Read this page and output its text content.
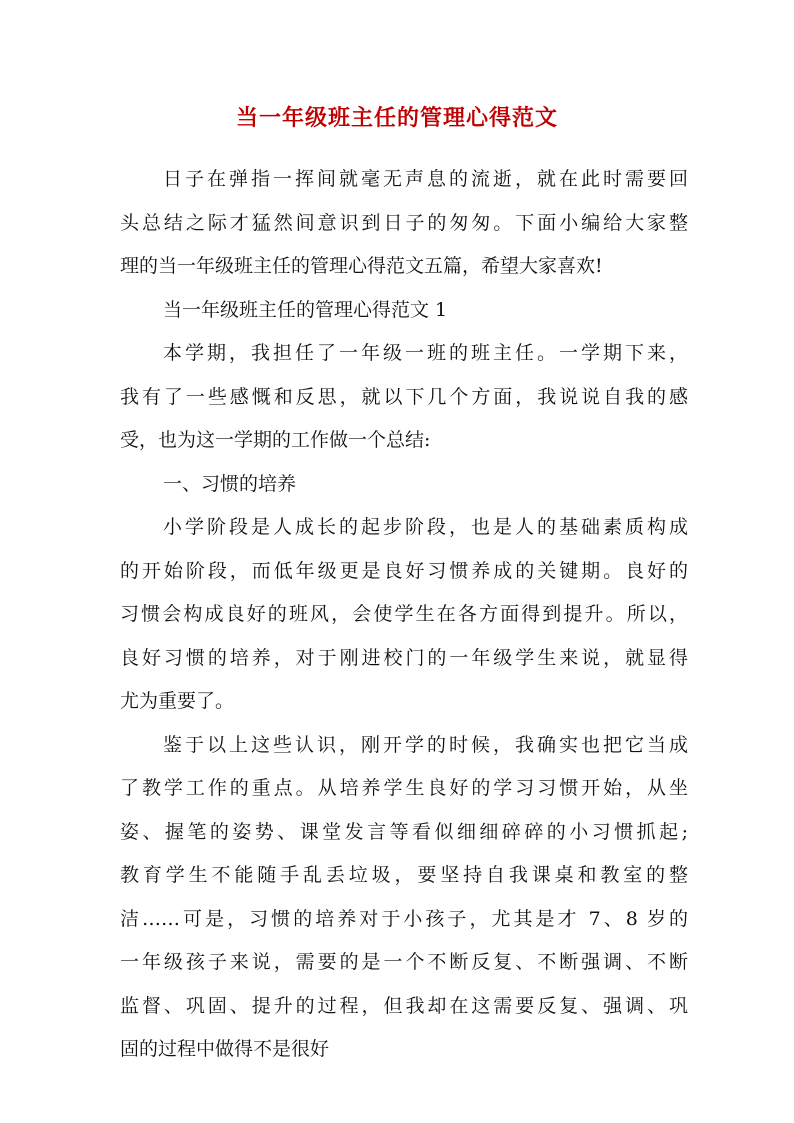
当一年级班主任的管理心得范文
日子在弹指一挥间就毫无声息的流逝，就在此时需要回
头总结之际才猛然间意识到日子的匆匆。下面小编给大家整
理的当一年级班主任的管理心得范文五篇，希望大家喜欢!
当一年级班主任的管理心得范文 1
本学期，我担任了一年级一班的班主任。一学期下来，
我有了一些感慨和反思，就以下几个方面，我说说自我的感
受，也为这一学期的工作做一个总结:
一、习惯的培养
小学阶段是人成长的起步阶段，也是人的基础素质构成
的开始阶段，而低年级更是良好习惯养成的关键期。良好的
习惯会构成良好的班风，会使学生在各方面得到提升。所以，
良好习惯的培养，对于刚进校门的一年级学生来说，就显得
尤为重要了。
鉴于以上这些认识，刚开学的时候，我确实也把它当成
了教学工作的重点。从培养学生良好的学习习惯开始，从坐
姿、握笔的姿势、课堂发言等看似细细碎碎的小习惯抓起;
教育学生不能随手乱丢垃圾，要坚持自我课桌和教室的整
洁……可是，习惯的培养对于小孩子，尤其是才 7、8 岁的
一年级孩子来说，需要的是一个不断反复、不断强调、不断
监督、巩固、提升的过程，但我却在这需要反复、强调、巩
固的过程中做得不是很好
